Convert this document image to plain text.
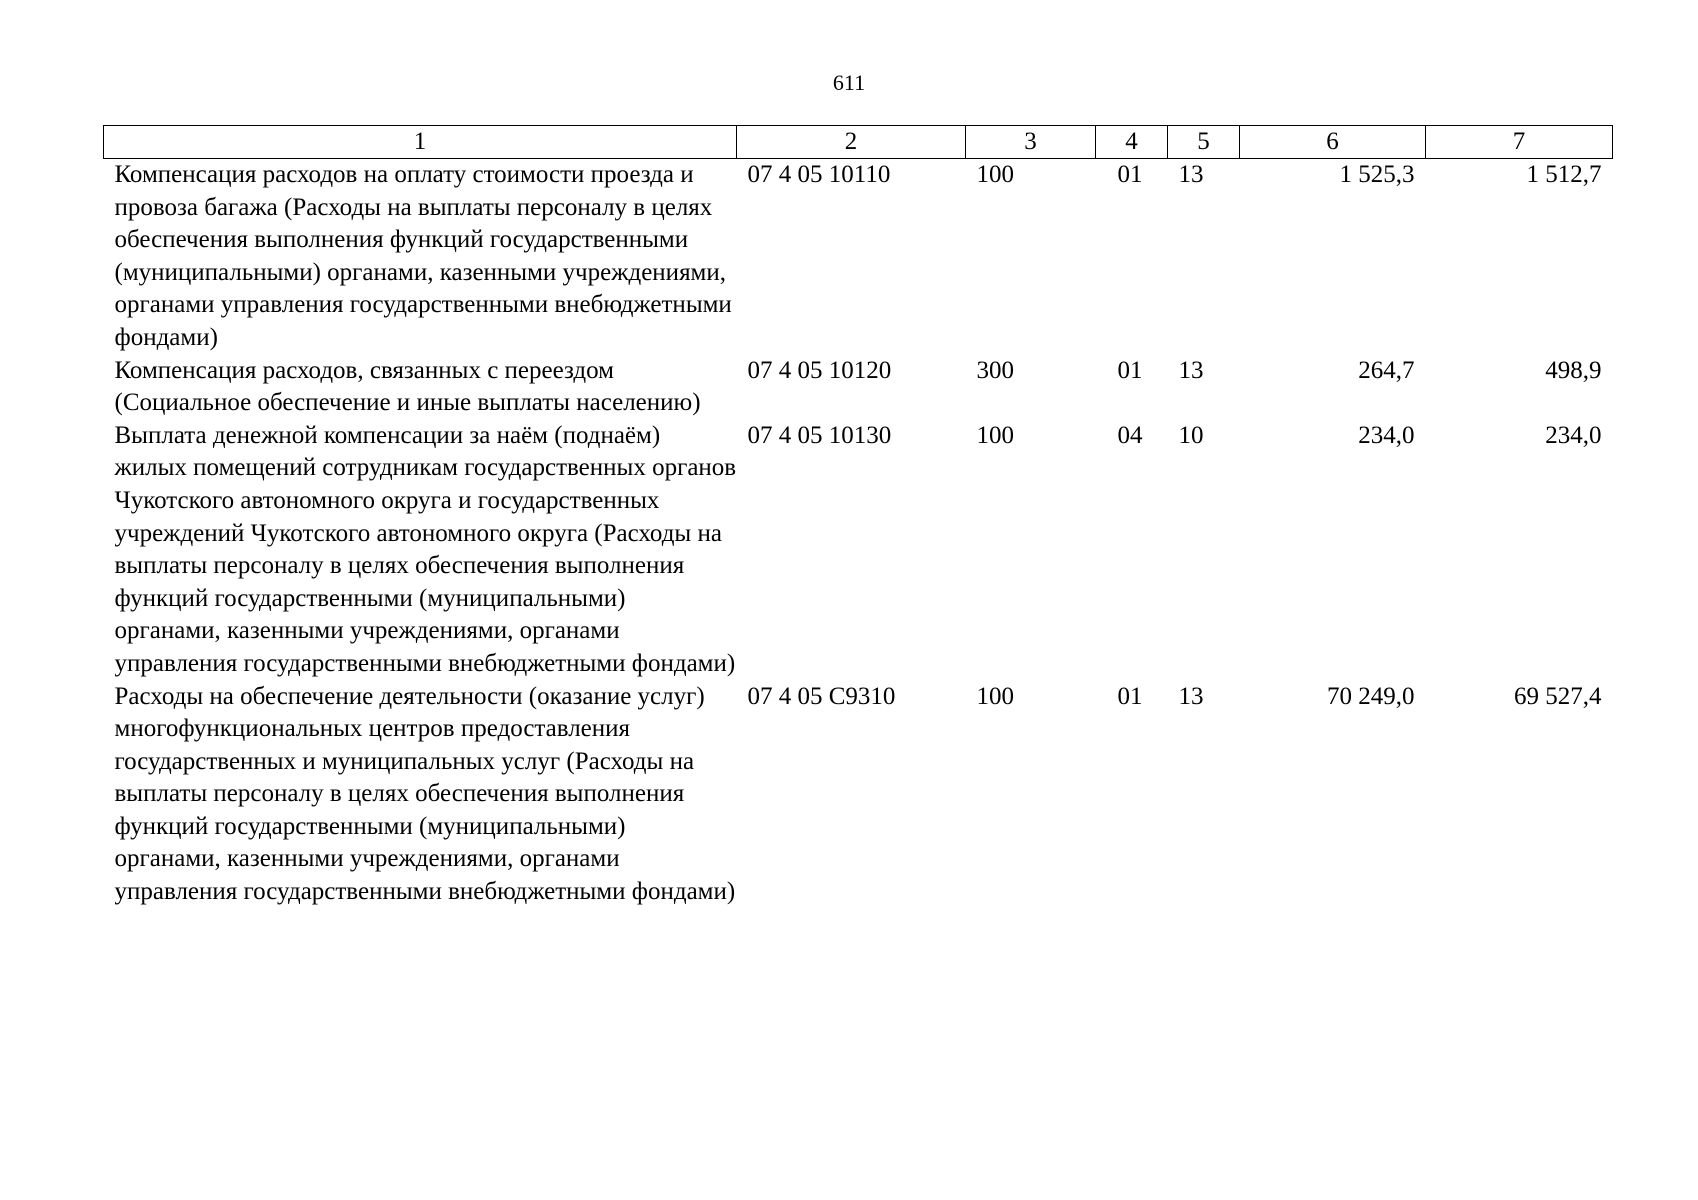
611
1	2	3	4	5	6	7
Компенсация расходов на оплату стоимости проезда и провоза багажа (Расходы на выплаты персоналу в целях обеспечения выполнения функций государственными (муниципальными) органами, казенными учреждениями, органами управления государственными внебюджетными фондами)	07 4 05 10110	100	01	13	1 525,3	1 512,7
Компенсация расходов, связанных с переездом (Социальное обеспечение и иные выплаты населению)	07 4 05 10120	300	01	13	264,7	498,9
Выплата денежной компенсации за наём (поднаём) жилых помещений сотрудникам государственных органов Чукотского автономного округа и государственных учреждений Чукотского автономного округа (Расходы на выплаты персоналу в целях обеспечения выполнения функций государственными (муниципальными) органами, казенными учреждениями, органами управления государственными внебюджетными фондами)	07 4 05 10130	100	04	10	234,0	234,0
Расходы на обеспечение деятельности (оказание услуг) многофункциональных центров предоставления государственных и муниципальных услуг (Расходы на выплаты персоналу в целях обеспечения выполнения функций государственными (муниципальными) органами, казенными учреждениями, органами управления государственными внебюджетными фондами)	07 4 05 С9310	100	01	13	70 249,0	69 527,4
